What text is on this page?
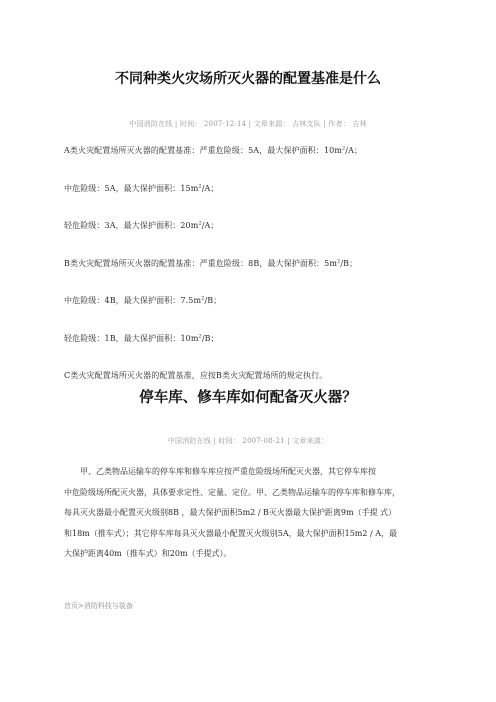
不同种类火灾场所灭火器的配置基准是什么
中国消防在线 | 时间： 2007-12-14 | 文章来源： 吉林支队 | 作者： 吉林
A类火灾配置场所灭火器的配置基准：严重危险级：5A，最大保护面积：$10m^2/A$；
中危险级：5A，最大保护面积：$15m^2/A$；
轻危险级：3A，最大保护面积：$20m^2/A$；
B类火灾配置场所灭火器的配置基准：严重危险级：8B，最大保护面积：$5m^2/B$；
中危险级：4B，最大保护面积：$7.5m^2/B$；
轻危险级：1B，最大保护面积：$10m^2/B$；
C类火灾配置场所灭火器的配置基准，应按B类火灾配置场所的规定执行。
停车库、修车库如何配备灭火器？
中国消防在线 | 时间： 2007-08-21 | 文章来源：
　　甲、乙类物品运输车的停车库和修车库应按严重危险级场所配灭火器，其它停车库按
中危险级场所配灭火器，具体要求定性、定量、定位。甲、乙类物品运输车的停车库和修车库，
每具灭火器最小配置灭火级别8B ，最大保护面积5m2 / B灭火器最大保护距离9m（手提 式）
和18m（推车式）；其它停车库每具灭火器最小配置灭火级别5A，最大保护面积15m2 / A，最
大保护距离40m（推车式）和20m（手提式）。
首页>消防科技与装备
